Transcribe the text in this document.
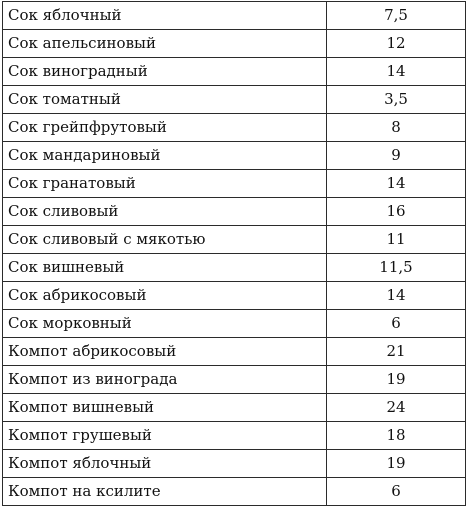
Сок яблочный	7,5
Сок апельсиновый	12
Сок виноградный	14
Сок томатный	3,5
Сок грейпфрутовый	8
Сок мандариновый	9
Сок гранатовый	14
Сок сливовый	16
Сок сливовый с мякотью	11
Сок вишневый	11,5
Сок абрикосовый	14
Сок морковный	6
Компот абрикосовый	21
Компот из винограда	19
Компот вишневый	24
Компот грушевый	18
Компот яблочный	19
Компот на ксилите	6
